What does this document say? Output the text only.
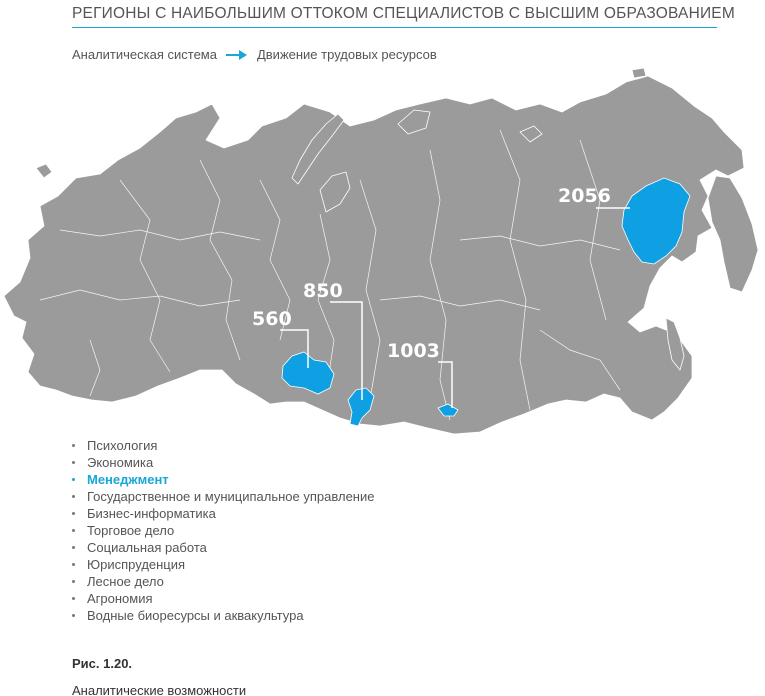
РЕГИОНЫ С НАИБОЛЬШИМ ОТТОКОМ СПЕЦИАЛИСТОВ С ВЫСШИМ ОБРАЗОВАНИЕМ
Аналитическая система	Движение трудовых ресурсов
560
850
1003
2056
Психология
Экономика
Менеджмент
Государственное и муниципальное управление
Бизнес-информатика
Торговое дело
Социальная работа
Юриспруденция
Лесное дело
Агрономия
Водные биоресурсы и аквакультура
Рис. 1.20.
Аналитические возможности
